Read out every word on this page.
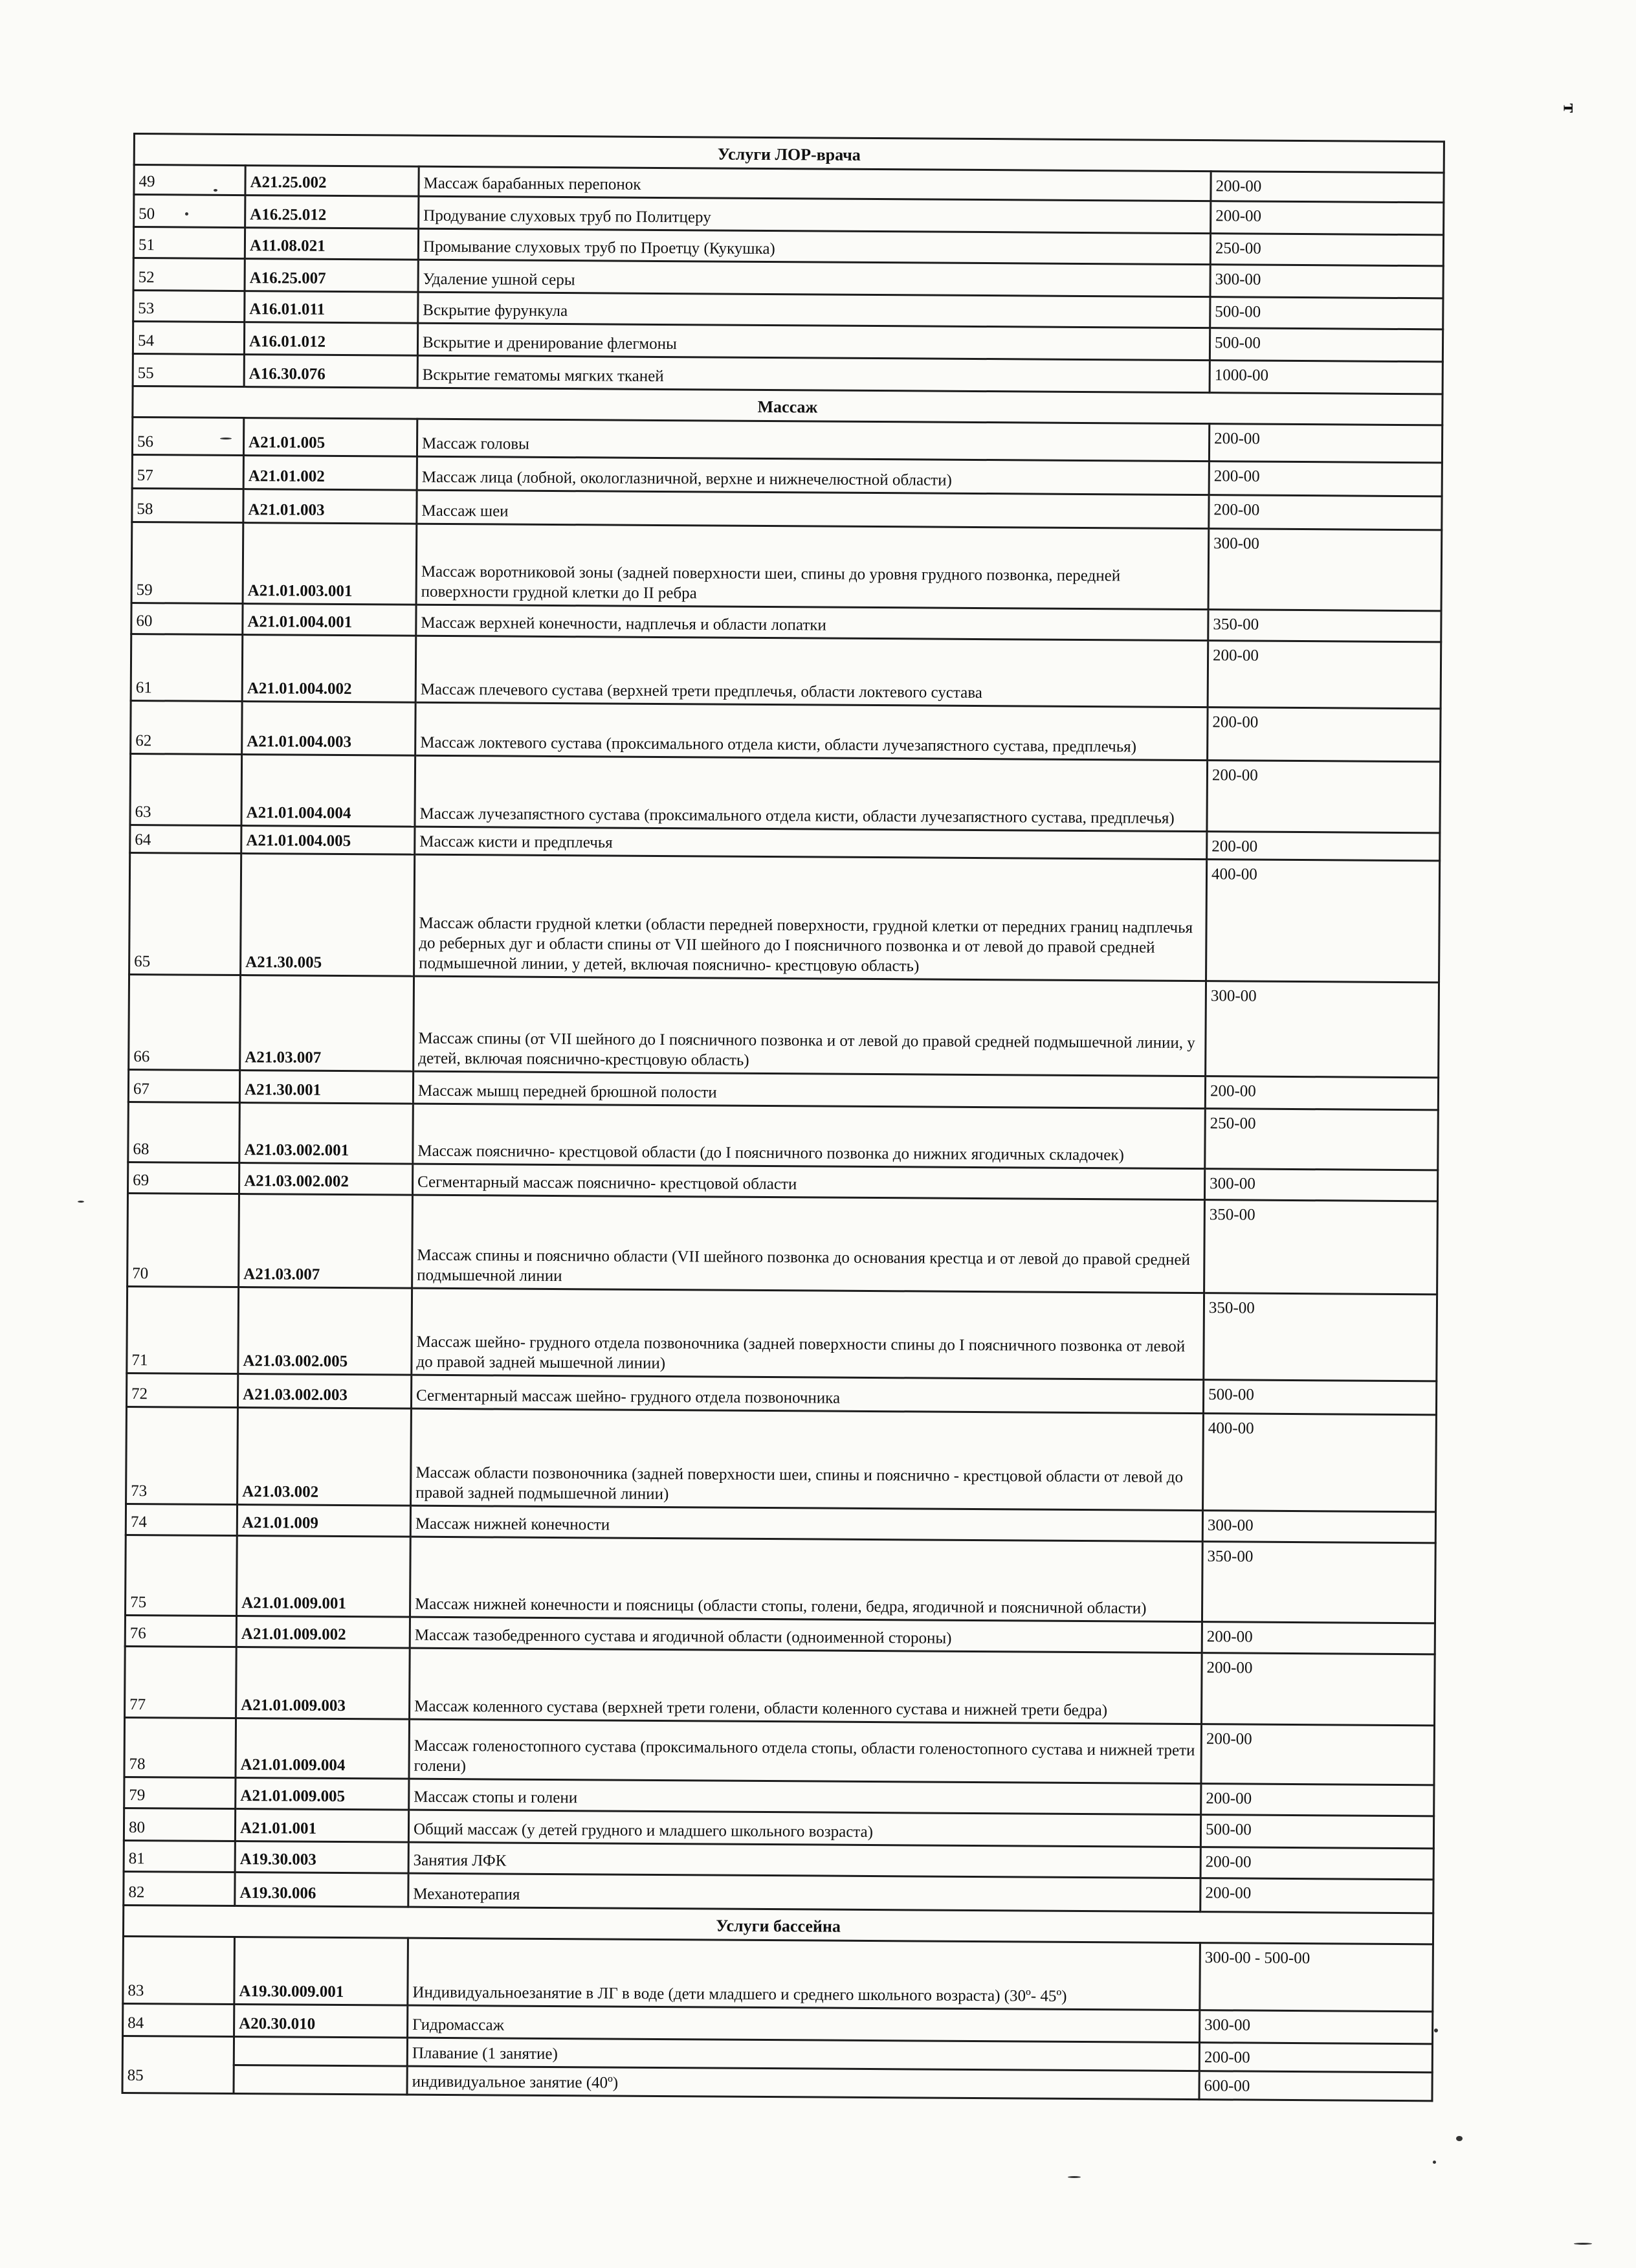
т
Услуги ЛОР-врача			
49	A21.25.002	Массаж барабанных перепонок	200-00
50	A16.25.012	Продувание слуховых труб по Политцеру	200-00
51	A11.08.021	Промывание слуховых труб по Проетцу (Кукушка)	250-00
52	A16.25.007	Удаление ушной серы	300-00
53	A16.01.011	Вскрытие фурункула	500-00
54	A16.01.012	Вскрытие и дренирование флегмоны	500-00
55	A16.30.076	Вскрытие гематомы мягких тканей	1000-00
Массаж			
56	A21.01.005	Массаж головы	200-00
57	A21.01.002	Массаж лица (лобной, окологлазничной, верхне и нижнечелюстной области)	200-00
58	A21.01.003	Массаж шеи	200-00
59	A21.01.003.001	Массаж воротниковой зоны (задней поверхности шеи, спины до уровня грудного позвонка, передней поверхности грудной клетки до II ребра	300-00
60	A21.01.004.001	Массаж верхней конечности, надплечья и области лопатки	350-00
61	A21.01.004.002	Массаж плечевого сустава (верхней трети предплечья, области локтевого сустава	200-00
62	A21.01.004.003	Массаж локтевого сустава (проксимального отдела кисти, области лучезапястного сустава, предплечья)	200-00
63	A21.01.004.004	Массаж лучезапястного сустава (проксимального отдела кисти, области лучезапястного сустава, предплечья)	200-00
64	A21.01.004.005	Массаж кисти и предплечья	200-00
65	A21.30.005	Массаж области грудной клетки (области передней поверхности, грудной клетки от передних границ надплечья до реберных дуг и области спины от VII шейного до I поясничного позвонка и от левой до правой средней подмышечной линии, у детей, включая пояснично- крестцовую область)	400-00
66	A21.03.007	Массаж спины (от VII шейного до I поясничного позвонка и от левой до правой средней подмышечной линии, у детей, включая пояснично-крестцовую область)	300-00
67	A21.30.001	Массаж мышц передней брюшной полости	200-00
68	A21.03.002.001	Массаж пояснично- крестцовой области (до I поясничного позвонка до нижних ягодичных складочек)	250-00
69	A21.03.002.002	Сегментарный массаж пояснично- крестцовой области	300-00
70	A21.03.007	Массаж спины и пояснично области (VII шейного позвонка до основания крестца и от левой до правой средней подмышечной линии	350-00
71	A21.03.002.005	Массаж шейно- грудного отдела позвоночника (задней поверхности спины до I поясничного позвонка от левой до правой задней мышечной линии)	350-00
72	A21.03.002.003	Сегментарный массаж шейно- грудного отдела позвоночника	500-00
73	A21.03.002	Массаж области позвоночника (задней поверхности шеи, спины и пояснично - крестцовой области от левой до правой задней подмышечной линии)	400-00
74	A21.01.009	Массаж нижней конечности	300-00
75	A21.01.009.001	Массаж нижней конечности и поясницы (области стопы, голени, бедра, ягодичной и поясничной области)	350-00
76	A21.01.009.002	Массаж тазобедренного сустава и ягодичной области (одноименной стороны)	200-00
77	A21.01.009.003	Массаж коленного сустава (верхней трети голени, области коленного сустава и нижней трети бедра)	200-00
78	A21.01.009.004	Массаж голеностопного сустава (проксимального отдела стопы, области голеностопного сустава и нижней трети голени)	200-00
79	A21.01.009.005	Массаж стопы и голени	200-00
80	A21.01.001	Общий массаж (у детей грудного и младшего школьного возраста)	500-00
81	A19.30.003	Занятия ЛФК	200-00
82	A19.30.006	Механотерапия	200-00
Услуги бассейна			
83	A19.30.009.001	Индивидуальноезанятие в ЛГ в воде (дети младшего и среднего школьного возраста) (30º- 45º)	300-00 - 500-00
84	A20.30.010	Гидромассаж	300-00
85		Плавание (1 занятие)	200-00
		индивидуальное занятие (40º)	600-00
